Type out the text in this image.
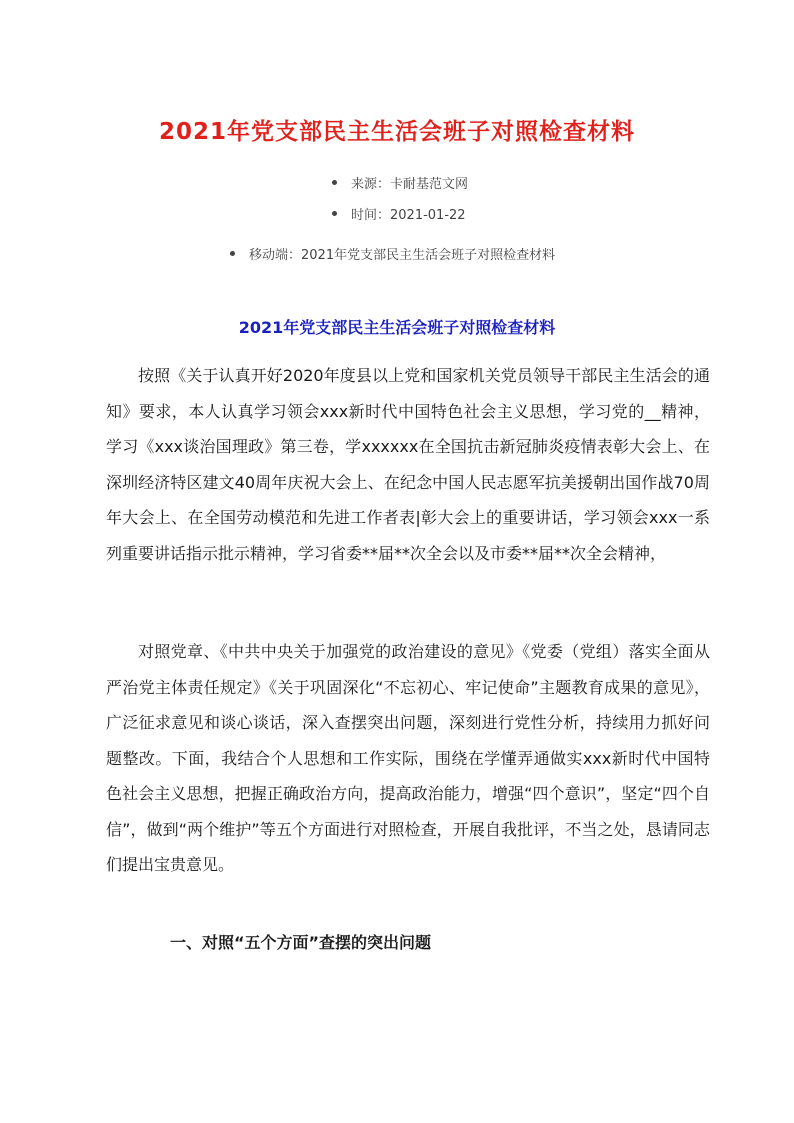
2021年党支部民主生活会班子对照检查材料
来源：卡耐基范文网
时间：2021-01-22
移动端：2021年党支部民主生活会班子对照检查材料
2021年党支部民主生活会班子对照检查材料

按照《关于认真开好2020年度县以上党和国家机关党员领导干部民主生活会的通知》要求，本人认真学习领会xxx新时代中国特色社会主义思想，学习党的__精神，学习《xxx谈治国理政》第三卷，学xxxxxx在全国抗击新冠肺炎疫情表彰大会上、在深圳经济特区建文40周年庆祝大会上、在纪念中国人民志愿军抗美援朝出国作战70周年大会上、在全国劳动模范和先进工作者表|彰大会上的重要讲话，学习领会xxx一系列重要讲话指示批示精神，学习省委**届**次全会以及市委**届**次全会精神，

对照党章、《中共中央关于加强党的政治建设的意见》《党委（党组）落实全面从严治党主体责任规定》《关于巩固深化“不忘初心、牢记使命”主题教育成果的意见》，广泛征求意见和谈心谈话，深入查摆突出问题，深刻进行党性分析，持续用力抓好问题整改。下面，我结合个人思想和工作实际，围绕在学懂弄通做实xxx新时代中国特色社会主义思想，把握正确政治方向，提高政治能力，增强“四个意识”，坚定“四个自信”，做到“两个维护”等五个方面进行对照检查，开展自我批评，不当之处，恳请同志们提出宝贵意见。

一、对照“五个方面”查摆的突出问题
